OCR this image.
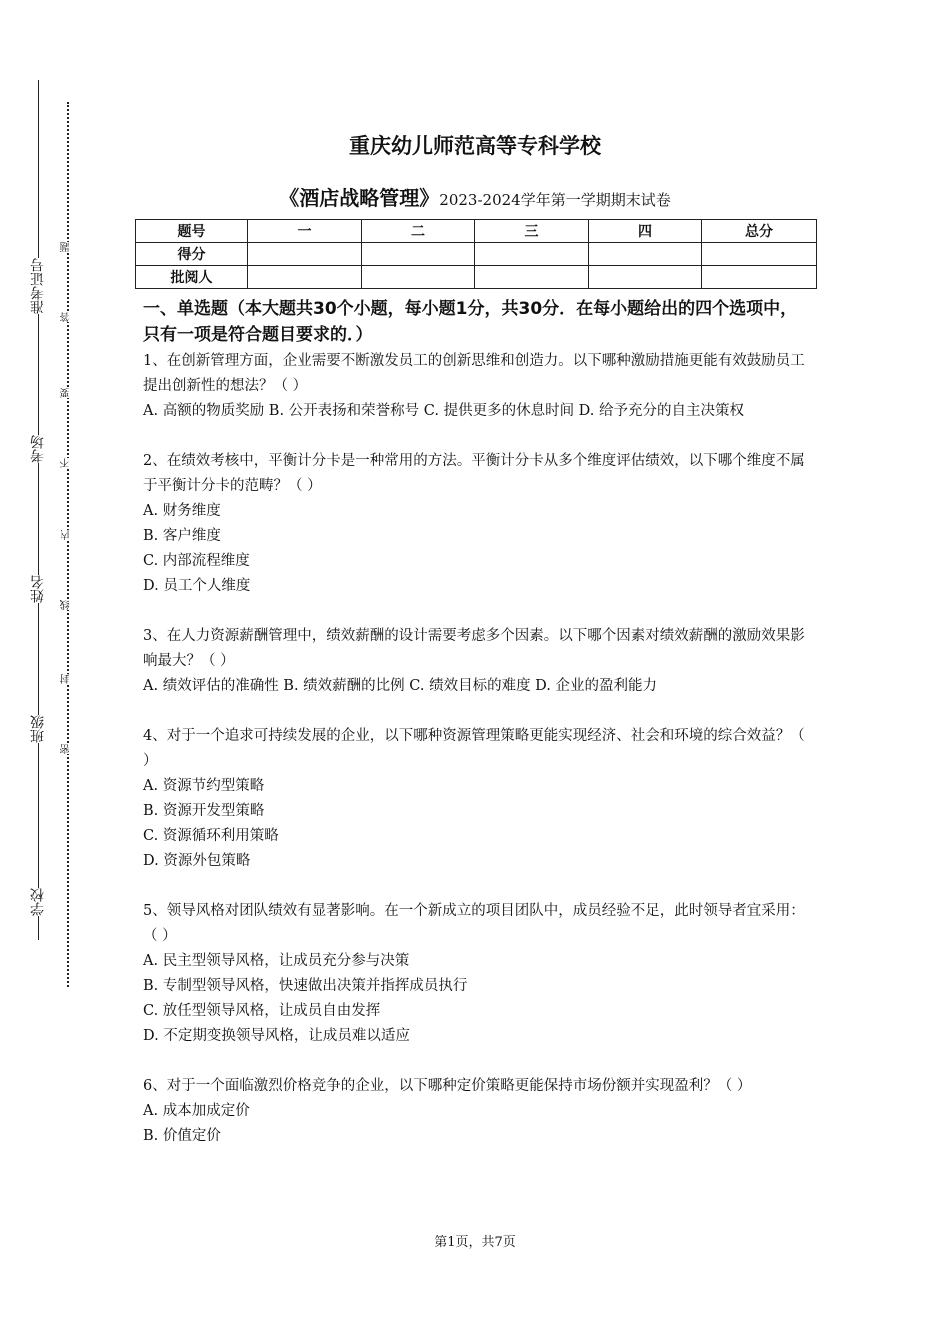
准考证号
考场
姓名
班级
学校
题
答
要
不
内
线
封
密
重庆幼儿师范高等专科学校
《酒店战略管理》2023-2024学年第一学期期末试卷
题号	一	二	三	四	总分
得分					
批阅人					
一、单选题（本大题共30个小题，每小题1分，共30分．在每小题给出的四个选项中，只有一项是符合题目要求的．）
1、在创新管理方面，企业需要不断激发员工的创新思维和创造力。以下哪种激励措施更能有效鼓励员工提出创新性的想法？（ ）
A. 高额的物质奖励 B. 公开表扬和荣誉称号 C. 提供更多的休息时间 D. 给予充分的自主决策权
2、在绩效考核中，平衡计分卡是一种常用的方法。平衡计分卡从多个维度评估绩效，以下哪个维度不属于平衡计分卡的范畴？（ ）
A. 财务维度
B. 客户维度
C. 内部流程维度
D. 员工个人维度
3、在人力资源薪酬管理中，绩效薪酬的设计需要考虑多个因素。以下哪个因素对绩效薪酬的激励效果影响最大？（ ）
A. 绩效评估的准确性 B. 绩效薪酬的比例 C. 绩效目标的难度 D. 企业的盈利能力
4、对于一个追求可持续发展的企业，以下哪种资源管理策略更能实现经济、社会和环境的综合效益？（ ）
A. 资源节约型策略
B. 资源开发型策略
C. 资源循环利用策略
D. 资源外包策略
5、领导风格对团队绩效有显著影响。在一个新成立的项目团队中，成员经验不足，此时领导者宜采用：（ ）
A. 民主型领导风格，让成员充分参与决策
B. 专制型领导风格，快速做出决策并指挥成员执行
C. 放任型领导风格，让成员自由发挥
D. 不定期变换领导风格，让成员难以适应
6、对于一个面临激烈价格竞争的企业，以下哪种定价策略更能保持市场份额并实现盈利？（ ）
A. 成本加成定价
B. 价值定价
第1页，共7页
